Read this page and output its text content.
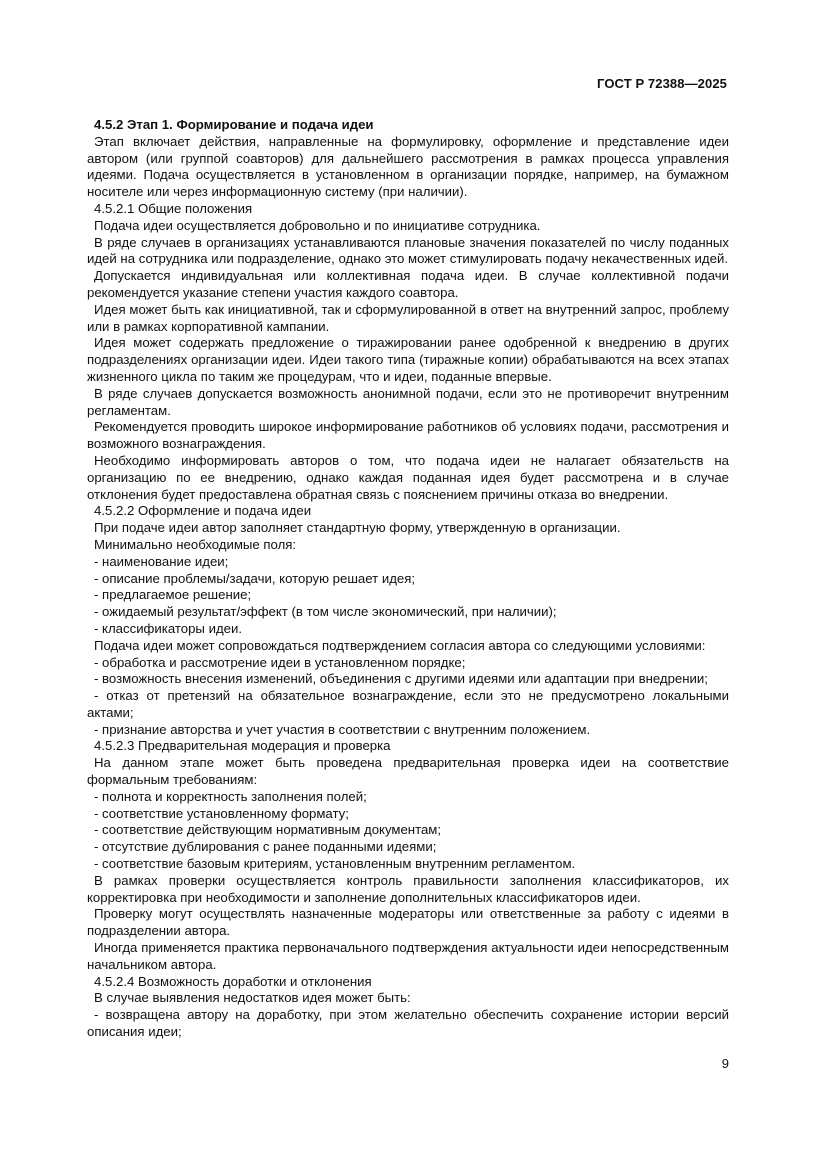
ГОСТ Р 72388—2025

4.5.2 Этап 1. Формирование и подача идеи

Этап включает действия, направленные на формулировку, оформление и представление идеи автором (или группой соавторов) для дальнейшего рассмотрения в рамках процесса управления идеями. Подача осуществляется в установленном в организации порядке, например, на бумажном носителе или через информационную систему (при наличии).

4.5.2.1 Общие положения

Подача идеи осуществляется добровольно и по инициативе сотрудника.

В ряде случаев в организациях устанавливаются плановые значения показателей по числу поданных идей на сотрудника или подразделение, однако это может стимулировать подачу некачественных идей.

Допускается индивидуальная или коллективная подача идеи. В случае коллективной подачи рекомендуется указание степени участия каждого соавтора.

Идея может быть как инициативной, так и сформулированной в ответ на внутренний запрос, проблему или в рамках корпоративной кампании.

Идея может содержать предложение о тиражировании ранее одобренной к внедрению в других подразделениях организации идеи. Идеи такого типа (тиражные копии) обрабатываются на всех этапах жизненного цикла по таким же процедурам, что и идеи, поданные впервые.

В ряде случаев допускается возможность анонимной подачи, если это не противоречит внутренним регламентам.

Рекомендуется проводить широкое информирование работников об условиях подачи, рассмотрения и возможного вознаграждения.

Необходимо информировать авторов о том, что подача идеи не налагает обязательств на организацию по ее внедрению, однако каждая поданная идея будет рассмотрена и в случае отклонения будет предоставлена обратная связь с пояснением причины отказа во внедрении.

4.5.2.2 Оформление и подача идеи

При подаче идеи автор заполняет стандартную форму, утвержденную в организации.

Минимально необходимые поля:

- наименование идеи;

- описание проблемы/задачи, которую решает идея;

- предлагаемое решение;

- ожидаемый результат/эффект (в том числе экономический, при наличии);

- классификаторы идеи.

Подача идеи может сопровождаться подтверждением согласия автора со следующими условиями:

- обработка и рассмотрение идеи в установленном порядке;

- возможность внесения изменений, объединения с другими идеями или адаптации при внедрении;

- отказ от претензий на обязательное вознаграждение, если это не предусмотрено локальными актами;

- признание авторства и учет участия в соответствии с внутренним положением.

4.5.2.3 Предварительная модерация и проверка

На данном этапе может быть проведена предварительная проверка идеи на соответствие формальным требованиям:

- полнота и корректность заполнения полей;

- соответствие установленному формату;

- соответствие действующим нормативным документам;

- отсутствие дублирования с ранее поданными идеями;

- соответствие базовым критериям, установленным внутренним регламентом.

В рамках проверки осуществляется контроль правильности заполнения классификаторов, их корректировка при необходимости и заполнение дополнительных классификаторов идеи.

Проверку могут осуществлять назначенные модераторы или ответственные за работу с идеями в подразделении автора.

Иногда применяется практика первоначального подтверждения актуальности идеи непосредственным начальником автора.

4.5.2.4 Возможность доработки и отклонения

В случае выявления недостатков идея может быть:

- возвращена автору на доработку, при этом желательно обеспечить сохранение истории версий описания идеи;

9
